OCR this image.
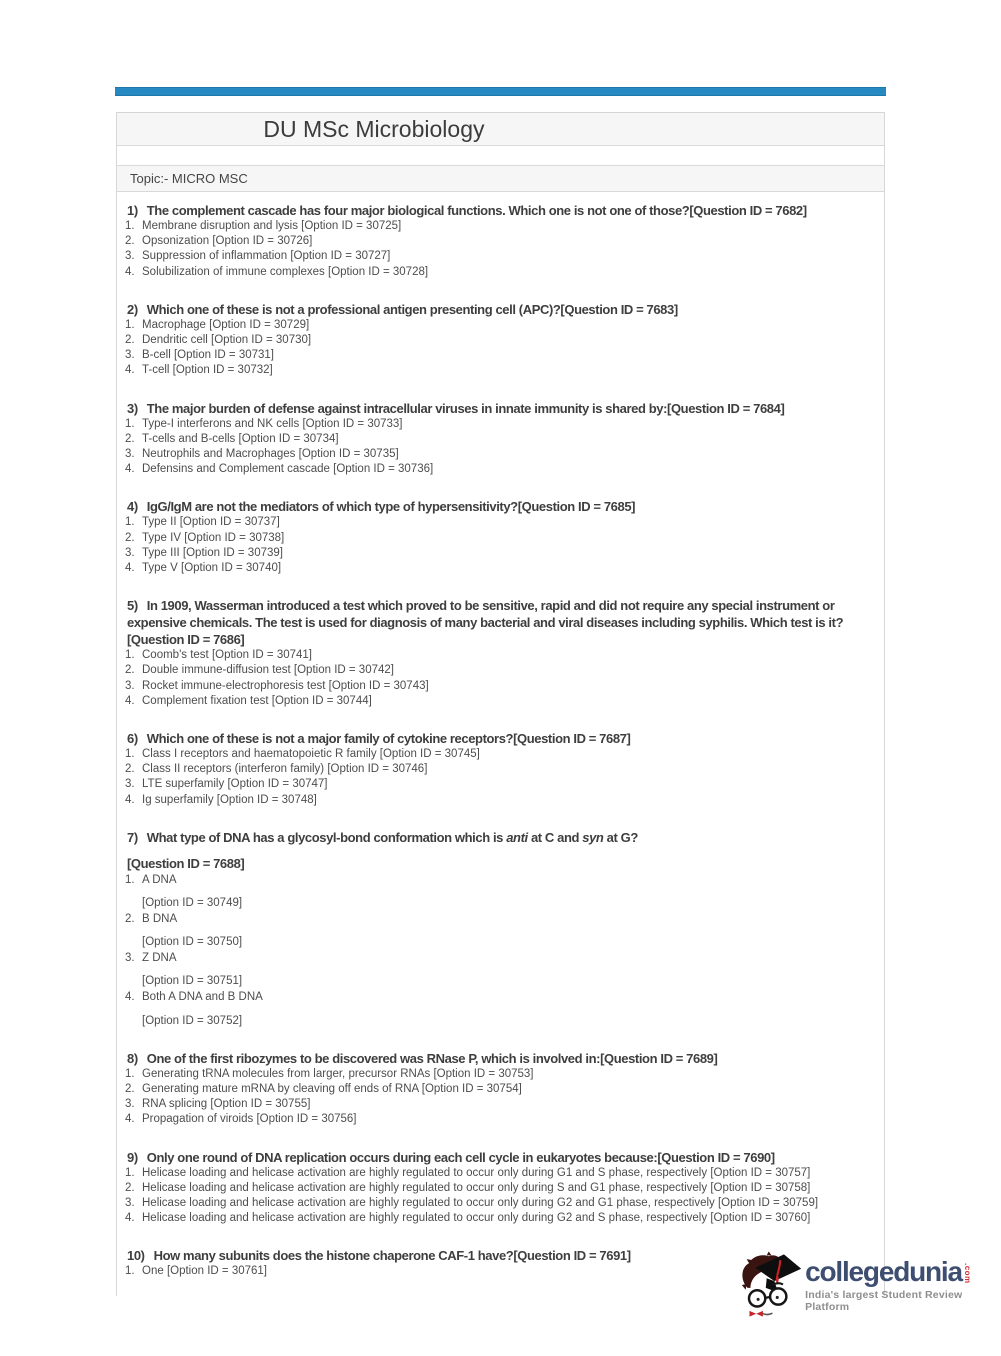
DU MSc Microbiology
Topic:- MICRO MSC

1) The complement cascade has four major biological functions. Which one is not one of those?[Question ID = 7682]

1. Membrane disruption and lysis [Option ID = 30725]

2. Opsonization [Option ID = 30726]

3. Suppression of inflammation [Option ID = 30727]

4. Solubilization of immune complexes [Option ID = 30728]

2) Which one of these is not a professional antigen presenting cell (APC)?[Question ID = 7683]

1. Macrophage [Option ID = 30729]

2. Dendritic cell [Option ID = 30730]

3. B-cell [Option ID = 30731]

4. T-cell [Option ID = 30732]

3) The major burden of defense against intracellular viruses in innate immunity is shared by:[Question ID = 7684]

1. Type-I interferons and NK cells [Option ID = 30733]

2. T-cells and B-cells [Option ID = 30734]

3. Neutrophils and Macrophages [Option ID = 30735]

4. Defensins and Complement cascade [Option ID = 30736]

4) IgG/IgM are not the mediators of which type of hypersensitivity?[Question ID = 7685]

1. Type II [Option ID = 30737]

2. Type IV [Option ID = 30738]

3. Type III [Option ID = 30739]

4. Type V [Option ID = 30740]

5) In 1909, Wasserman introduced a test which proved to be sensitive, rapid and did not require any special instrument or expensive chemicals. The test is used for diagnosis of many bacterial and viral diseases including syphilis. Which test is it?[Question ID = 7686]

1. Coomb's test [Option ID = 30741]

2. Double immune-diffusion test [Option ID = 30742]

3. Rocket immune-electrophoresis test [Option ID = 30743]

4. Complement fixation test [Option ID = 30744]

6) Which one of these is not a major family of cytokine receptors?[Question ID = 7687]

1. Class I receptors and haematopoietic R family [Option ID = 30745]

2. Class II receptors (interferon family) [Option ID = 30746]

3. LTE superfamily [Option ID = 30747]

4. Ig superfamily [Option ID = 30748]

7) What type of DNA has a glycosyl-bond conformation which is anti at C and syn at G?

[Question ID = 7688]

1. A DNA

[Option ID = 30749]

2. B DNA

[Option ID = 30750]

3. Z DNA

[Option ID = 30751]

4. Both A DNA and B DNA

[Option ID = 30752]

8) One of the first ribozymes to be discovered was RNase P, which is involved in:[Question ID = 7689]

1. Generating tRNA molecules from larger, precursor RNAs [Option ID = 30753]

2. Generating mature mRNA by cleaving off ends of RNA [Option ID = 30754]

3. RNA splicing [Option ID = 30755]

4. Propagation of viroids [Option ID = 30756]

9) Only one round of DNA replication occurs during each cell cycle in eukaryotes because:[Question ID = 7690]

1. Helicase loading and helicase activation are highly regulated to occur only during G1 and S phase, respectively [Option ID = 30757]

2. Helicase loading and helicase activation are highly regulated to occur only during S and G1 phase, respectively [Option ID = 30758]

3. Helicase loading and helicase activation are highly regulated to occur only during G2 and G1 phase, respectively [Option ID = 30759]

4. Helicase loading and helicase activation are highly regulated to occur only during G2 and S phase, respectively [Option ID = 30760]

10) How many subunits does the histone chaperone CAF-1 have?[Question ID = 7691]

1. One [Option ID = 30761]	collegedunia .com
India's largest Student Review Platform
